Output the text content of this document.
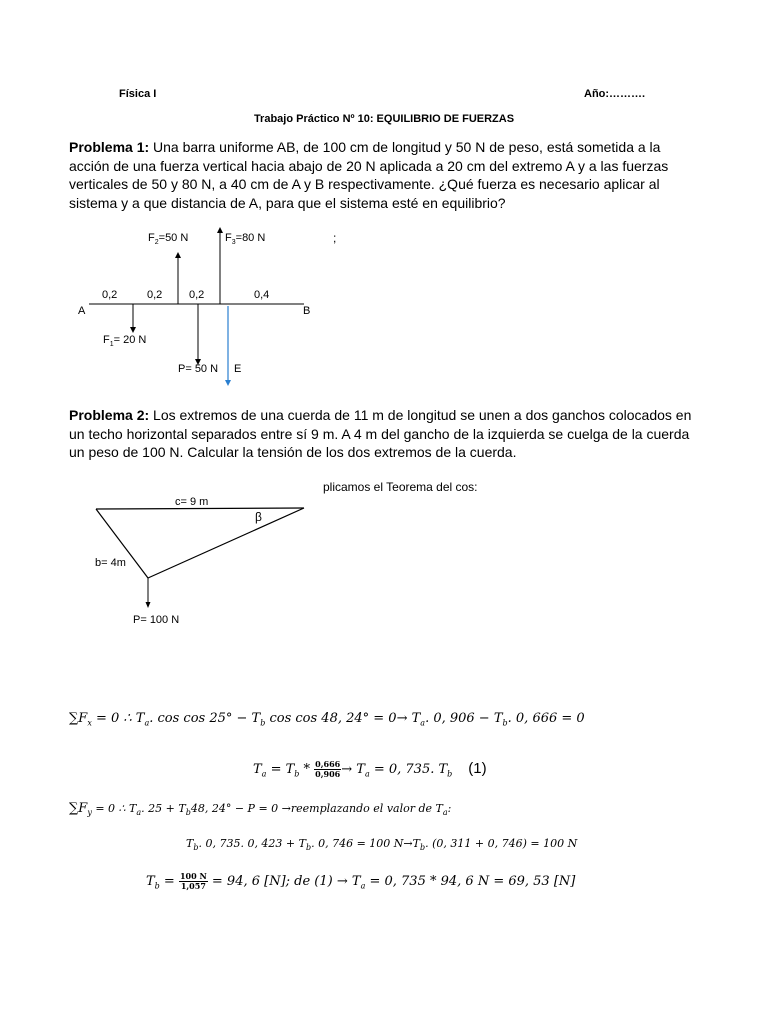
Física I	Año:……….
Trabajo Práctico Nº 10: EQUILIBRIO DE FUERZAS
Problema 1: Una barra uniforme AB, de 100 cm de longitud y 50 N de peso, está sometida a la acción de una fuerza vertical hacia abajo de 20 N aplicada a 20 cm del extremo A y a las fuerzas verticales de 50 y 80 N, a 40 cm de A y B respectivamente. ¿Qué fuerza es necesario aplicar al sistema y a que distancia de A, para que el sistema esté en equilibrio?
$F_2=50$ N	$F_3=80$ N	;
0,2	0,2 0,2	0,4
A	B
$F_1= 20$ N
P= 50 N E
c= 9 m
β
b= 4m
P= 100 N
plicamos el Teorema del cos:
Problema 2: Los extremos de una cuerda de 11 m de longitud se unen a dos ganchos colocados en un techo horizontal separados entre sí 9 m. A 4 m del gancho de la izquierda se cuelga de la cuerda un peso de 100 N. Calcular la tensión de los dos extremos de la cuerda.
$\sum F_x = 0$ ∴ $T_a$. $\cos \cos 25^\circ - T_b$ cos cos 48, $24^\circ = 0\to T_a$. 0, $906 - T_b$. 0, 666 = 0
$T_a = T_b * \frac{0,666}{0,906} \to T_a = 0$, 735. $T_b$ (1)
$\sum F_y = 0$ ∴ $T_a$. $25 + T_b48$, 24° − P = 0 →reemplazando el valor de $T_a$:
$T_b$. 0, 735. 0, $423 + T_b$. 0, 746 = 100 $N\to T_b$. (0, 311 + 0, 746) = 100 N
$T_b = \frac{100 N}{1,057} = 94$, 6 [N]; de $(1) \to T_a = 0$, 735 * 94, 6 N = 69, 53 [N]
